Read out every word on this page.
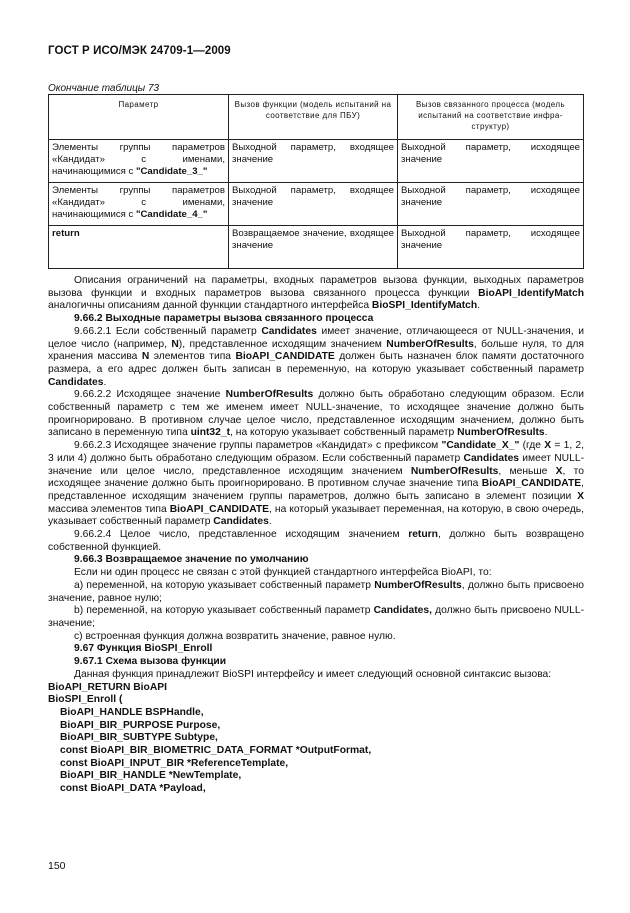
ГОСТ Р ИСО/МЭК 24709-1—2009
Окончание таблицы 73
Параметр	Вызов функции (модель испытаний на соответствие для ПБУ)	Вызов связанного процесса (модель испытаний на соответствие инфра-структур)
Элементы группы параметров «Кандидат» с именами, начинающимися с "Candidate_3_"	Выходной параметр, входящее значение	Выходной параметр, исходящее значение
Элементы группы параметров «Кандидат» с именами, начинающимися с "Candidate_4_"	Выходной параметр, входящее значение	Выходной параметр, исходящее значение
return	Возвращаемое значение, входящее значение	Выходной параметр, исходящее значение

Описания ограничений на параметры, входных параметров вызова функции, выходных параметров вызова функции и входных параметров вызова связанного процесса функции BioAPI_IdentifyMatch аналогичны описаниям данной функции стандартного интерфейса BioSPI_IdentifyMatch.

9.66.2 Выходные параметры вызова связанного процесса

9.66.2.1 Если собственный параметр Candidates имеет значение, отличающееся от NULL-значения, и целое число (например, N), представленное исходящим значением NumberOfResults, больше нуля, то для хранения массива N элементов типа BioAPI_CANDIDATE должен быть назначен блок памяти достаточного размера, а его адрес должен быть записан в переменную, на которую указывает собственный параметр Candidates.

9.66.2.2 Исходящее значение NumberOfResults должно быть обработано следующим образом. Если собственный параметр с тем же именем имеет NULL-значение, то исходящее значение должно быть проигнорировано. В противном случае целое число, представленное исходящим значением, должно быть записано в переменную типа uint32_t, на которую указывает собственный параметр NumberOfResults.

9.66.2.3 Исходящее значение группы параметров «Кандидат» с префиксом "Candidate_X_" (где X = 1, 2, 3 или 4) должно быть обработано следующим образом. Если собственный параметр Candidates имеет NULL-значение или целое число, представленное исходящим значением NumberOfResults, меньше X, то исходящее значение должно быть проигнорировано. В противном случае значение типа BioAPI_CANDIDATE, представленное исходящим значением группы параметров, должно быть записано в элемент позиции X массива элементов типа BioAPI_CANDIDATE, на который указывает переменная, на которую, в свою очередь, указывает собственный параметр Candidates.

9.66.2.4 Целое число, представленное исходящим значением return, должно быть возвращено собственной функцией.

9.66.3 Возвращаемое значение по умолчанию

Если ни один процесс не связан с этой функцией стандартного интерфейса BioAPI, то:

а) переменной, на которую указывает собственный параметр NumberOfResults, должно быть присвоено значение, равное нулю;

b) переменной, на которую указывает собственный параметр Candidates, должно быть присвоено NULL-значение;

c) встроенная функция должна возвратить значение, равное нулю.

9.67 Функция BioSPI_Enroll

9.67.1 Схема вызова функции

Данная функция принадлежит BioSPI интерфейсу и имеет следующий основной синтаксис вызова:

BioAPI_RETURN BioAPI

BioSPI_Enroll (

BioAPI_HANDLE BSPHandle,

BioAPI_BIR_PURPOSE Purpose,

BioAPI_BIR_SUBTYPE Subtype,

const BioAPI_BIR_BIOMETRIC_DATA_FORMAT *OutputFormat,

const BioAPI_INPUT_BIR *ReferenceTemplate,

BioAPI_BIR_HANDLE *NewTemplate,

const BioAPI_DATA *Payload,

150
